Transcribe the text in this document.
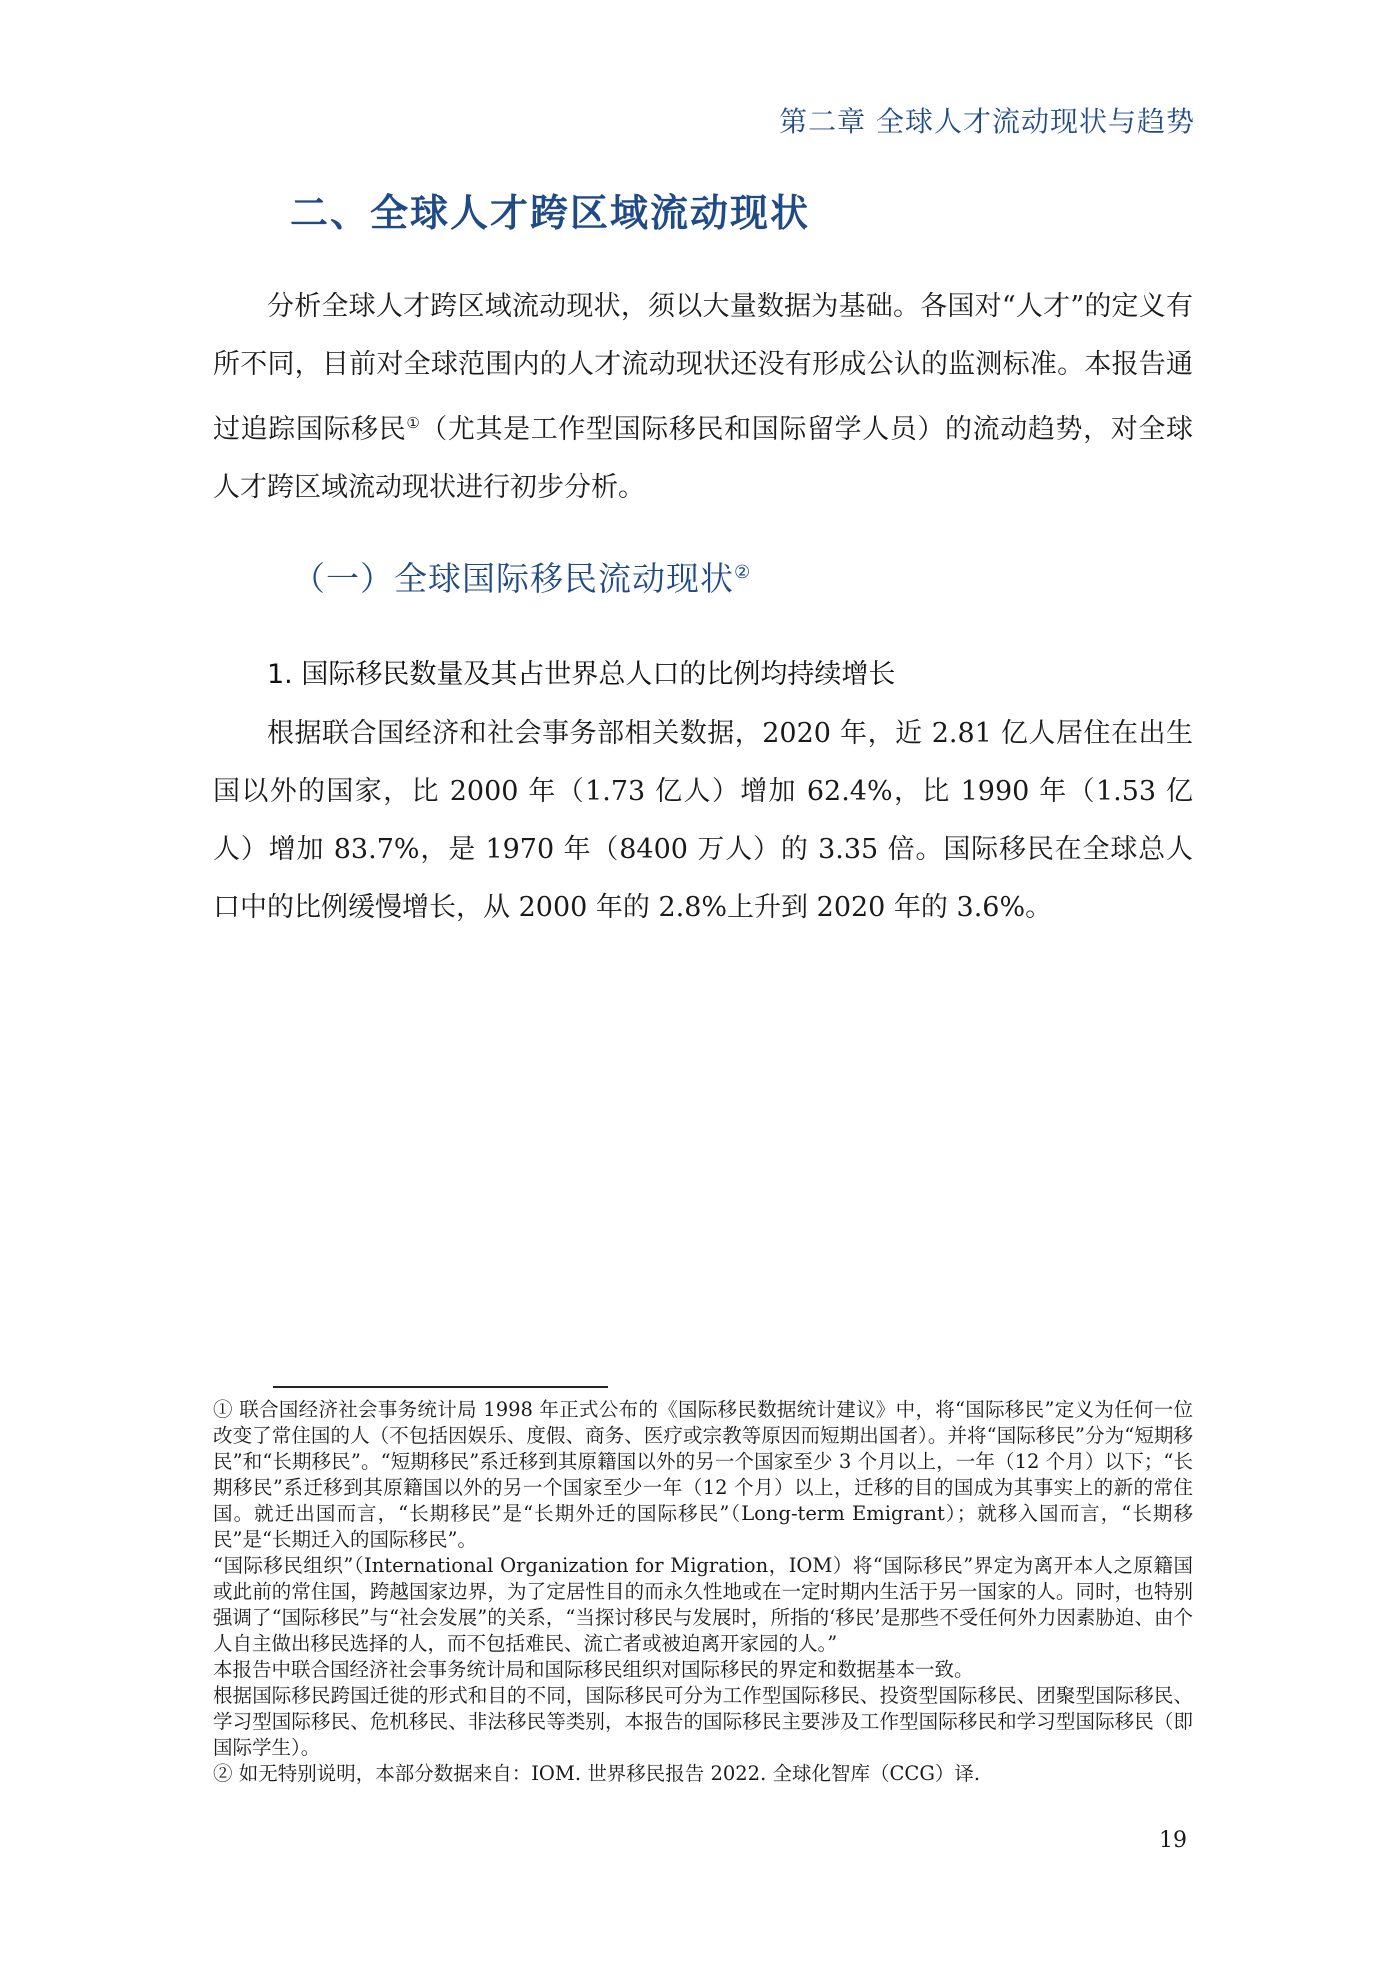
第二章 全球人才流动现状与趋势
二、全球人才跨区域流动现状

分析全球人才跨区域流动现状，须以大量数据为基础。各国对“人才”的定义有所不同，目前对全球范围内的人才流动现状还没有形成公认的监测标准。本报告通过追踪国际移民①（尤其是工作型国际移民和国际留学人员）的流动趋势，对全球人才跨区域流动现状进行初步分析。

（一）全球国际移民流动现状②
1. 国际移民数量及其占世界总人口的比例均持续增长

根据联合国经济和社会事务部相关数据，2020 年，近 2.81 亿人居住在出生国以外的国家，比 2000 年（1.73 亿人）增加 62.4%，比 1990 年（1.53 亿人）增加 83.7%，是 1970 年（8400 万人）的 3.35 倍。国际移民在全球总人口中的比例缓慢增长，从 2000 年的 2.8%上升到 2020 年的 3.6%。

① 联合国经济社会事务统计局 1998 年正式公布的《国际移民数据统计建议》中，将“国际移民”定义为任何一位改变了常住国的人（不包括因娱乐、度假、商务、医疗或宗教等原因而短期出国者）。并将“国际移民”分为“短期移民”和“长期移民”。“短期移民”系迁移到其原籍国以外的另一个国家至少 3 个月以上，一年（12 个月）以下；“长期移民”系迁移到其原籍国以外的另一个国家至少一年（12 个月）以上，迁移的目的国成为其事实上的新的常住国。就迁出国而言，“长期移民”是“长期外迁的国际移民”（Long-term Emigrant）；就移入国而言，“长期移民”是“长期迁入的国际移民”。

“国际移民组织”（International Organization for Migration，IOM）将“国际移民”界定为离开本人之原籍国或此前的常住国，跨越国家边界，为了定居性目的而永久性地或在一定时期内生活于另一国家的人。同时，也特别强调了“国际移民”与“社会发展”的关系，“当探讨移民与发展时，所指的‘移民’是那些不受任何外力因素胁迫、由个人自主做出移民选择的人，而不包括难民、流亡者或被迫离开家园的人。”

本报告中联合国经济社会事务统计局和国际移民组织对国际移民的界定和数据基本一致。

根据国际移民跨国迁徙的形式和目的不同，国际移民可分为工作型国际移民、投资型国际移民、团聚型国际移民、学习型国际移民、危机移民、非法移民等类别，本报告的国际移民主要涉及工作型国际移民和学习型国际移民（即国际学生）。

② 如无特别说明，本部分数据来自：IOM. 世界移民报告 2022. 全球化智库（CCG）译.

19
